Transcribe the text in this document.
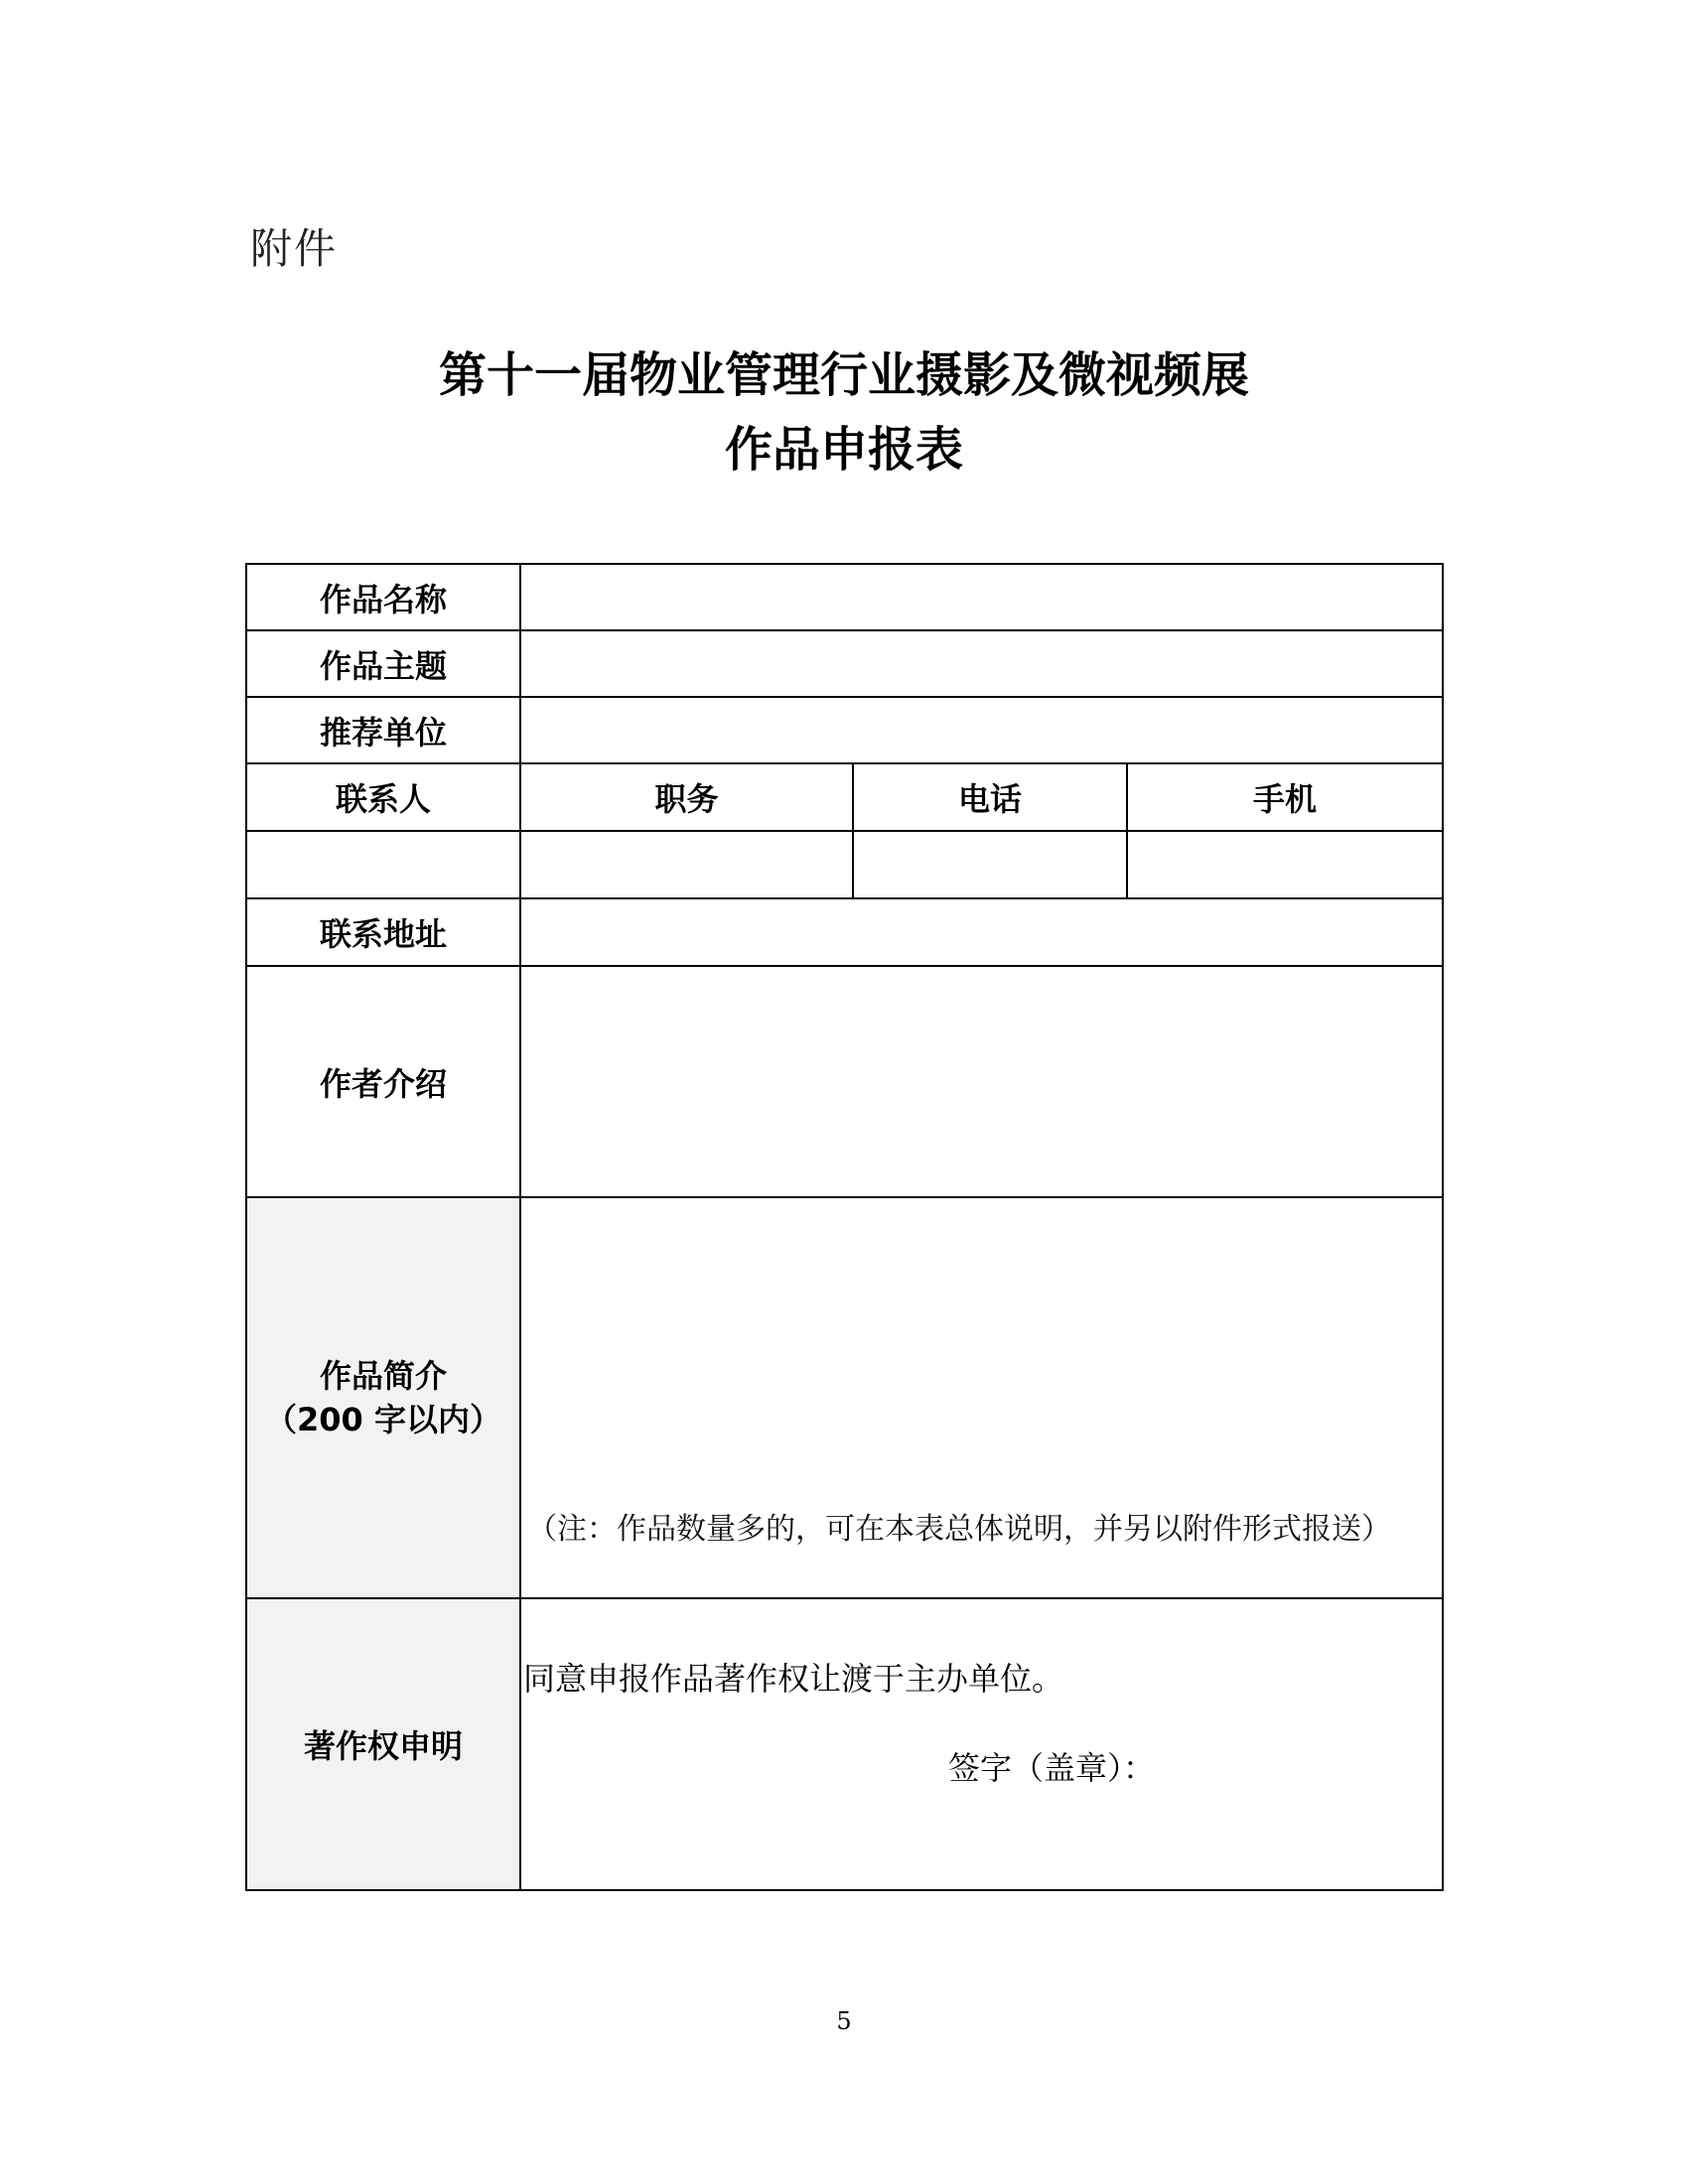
附件
第十一届物业管理行业摄影及微视频展
作品申报表
作品名称			
作品主题			
推荐单位			
联系人	职务	电话	手机

联系地址			
作者介绍			

作品简介
（200 字以内）	（注：作品数量多的，可在本表总体说明，并另以附件形式报送）		

著作权申明	同意申报作品著作权让渡于主办单位。
签字（盖章）：		
5
